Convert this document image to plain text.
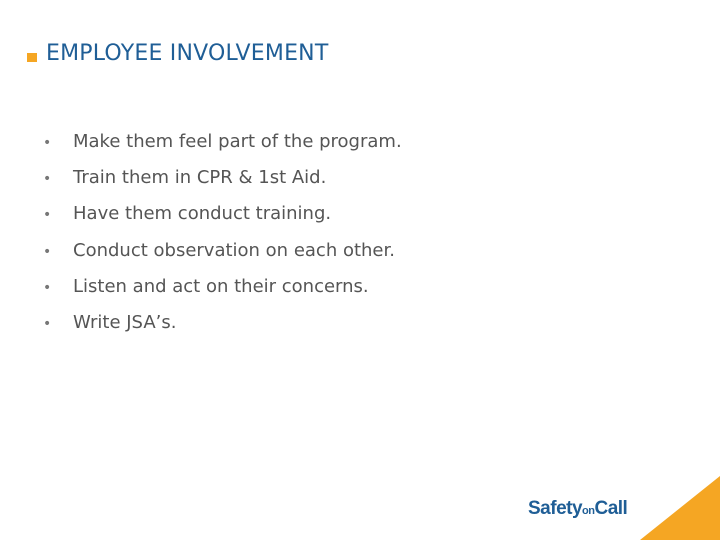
EMPLOYEE INVOLVEMENT
•	Make them feel part of the program.
•	Train them in CPR & 1st Aid.
•	Have them conduct training.
•	Conduct observation on each other.
•	Listen and act on their concerns.
•	Write JSA’s.
SafetyonCall
